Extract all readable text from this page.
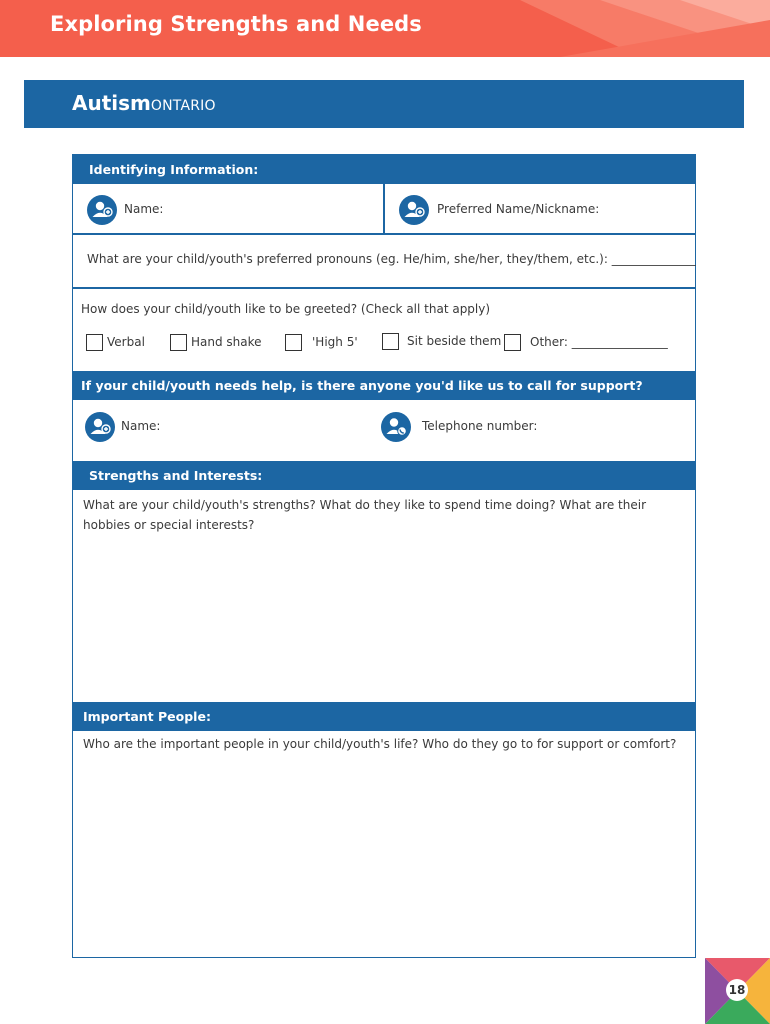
Exploring Strengths and Needs
AutismONTARIO
Identifying Information:
Name:	Preferred Name/Nickname:
What are your child/youth's preferred pronouns (eg. He/him, she/her, they/them, etc.): ______________
How does your child/youth like to be greeted? (Check all that apply)
Verbal	Hand shake	'High 5'	Sit beside them Other: ________________
If your child/youth needs help, is there anyone you'd like us to call for support?
Name:	Telephone number:
Strengths and Interests:
What are your child/youth's strengths? What do they like to spend time doing? What are their hobbies or special interests?
Important People:
Who are the important people in your child/youth's life? Who do they go to for support or comfort?
18
